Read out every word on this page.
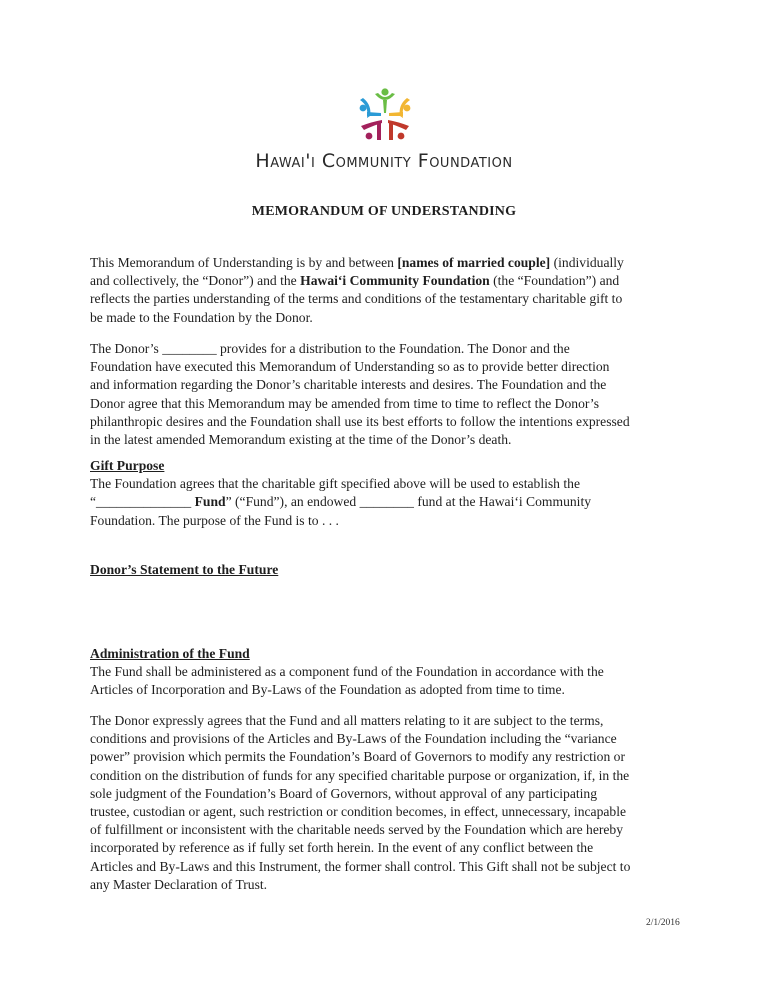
Hawai'i Community Foundation
MEMORANDUM OF UNDERSTANDING
This Memorandum of Understanding is by and between [names of married couple] (individually
and collectively, the “Donor”) and the Hawaiʻi Community Foundation (the “Foundation”) and
reflects the parties understanding of the terms and conditions of the testamentary charitable gift to
be made to the Foundation by the Donor.
The Donor’s ________ provides for a distribution to the Foundation. The Donor and the
Foundation have executed this Memorandum of Understanding so as to provide better direction
and information regarding the Donor’s charitable interests and desires. The Foundation and the
Donor agree that this Memorandum may be amended from time to time to reflect the Donor’s
philanthropic desires and the Foundation shall use its best efforts to follow the intentions expressed
in the latest amended Memorandum existing at the time of the Donor’s death.
Gift Purpose
The Foundation agrees that the charitable gift specified above will be used to establish the
“______________ Fund” (“Fund”), an endowed ________ fund at the Hawaiʻi Community
Foundation. The purpose of the Fund is to . . .
Donor’s Statement to the Future
Administration of the Fund
The Fund shall be administered as a component fund of the Foundation in accordance with the
Articles of Incorporation and By-Laws of the Foundation as adopted from time to time.
The Donor expressly agrees that the Fund and all matters relating to it are subject to the terms,
conditions and provisions of the Articles and By-Laws of the Foundation including the “variance
power” provision which permits the Foundation’s Board of Governors to modify any restriction or
condition on the distribution of funds for any specified charitable purpose or organization, if, in the
sole judgment of the Foundation’s Board of Governors, without approval of any participating
trustee, custodian or agent, such restriction or condition becomes, in effect, unnecessary, incapable
of fulfillment or inconsistent with the charitable needs served by the Foundation which are hereby
incorporated by reference as if fully set forth herein. In the event of any conflict between the
Articles and By-Laws and this Instrument, the former shall control. This Gift shall not be subject to
any Master Declaration of Trust.
2/1/2016
